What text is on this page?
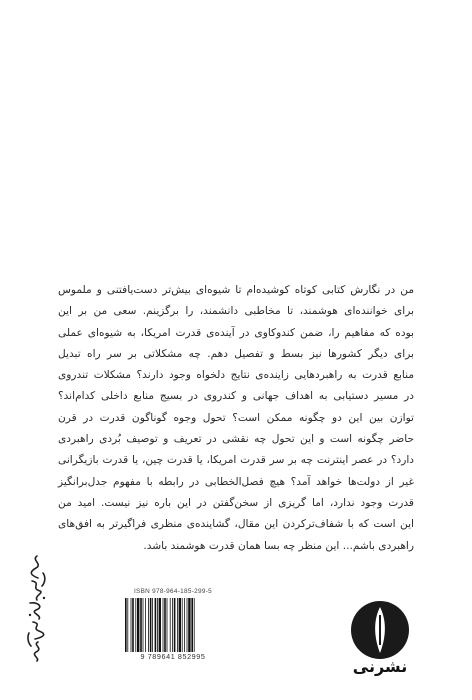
من در نگارش کتابی کوتاه کوشیده‌ام تا شیوه‌ای بیش‌تر دست‌یافتنی و ملموس
برای خواننده‌ای هوشمند، تا مخاطبی دانشمند، را برگزینم. سعی من بر این
بوده که مفاهیم را، ضمن کندوکاوی در آینده‌ی قدرت امریکا، به شیوه‌ای عملی
برای دیگر کشورها نیز بسط و تفصیل دهم. چه مشکلاتی بر سر راه تبدیل
منابع قدرت به راهبردهایی زاینده‌ی نتایج دلخواه وجود دارند؟ مشکلات تندروی
در مسیر دستیابی به اهداف جهانی و کندروی در بسیج منابع داخلی کدام‌اند؟
توازن بین این دو چگونه ممکن است؟ تحول وجوه گوناگون قدرت در قرن
حاضر چگونه است و این تحول چه نقشی در تعریف و توصیف بُردی راهبردی
دارد؟ در عصر اینترنت چه بر سر قدرت امریکا، یا قدرت چین، یا قدرت بازیگرانی
غیر از دولت‌ها خواهد آمد؟ هیچ فصل‌الخطابی در رابطه با مفهوم جدل‌برانگیز
قدرت وجود ندارد، اما گریزی از سخن‌گفتن در این باره نیز نیست. امید من
این است که با شفاف‌ترکردن این مقال، گشاینده‌ی منظری فراگیرتر به افق‌های
راهبردی باشم... این منظر چه بسا همان قدرت هوشمند باشد.
ISBN 978-964-185-299-5
9 789641 852995
نشرنی
